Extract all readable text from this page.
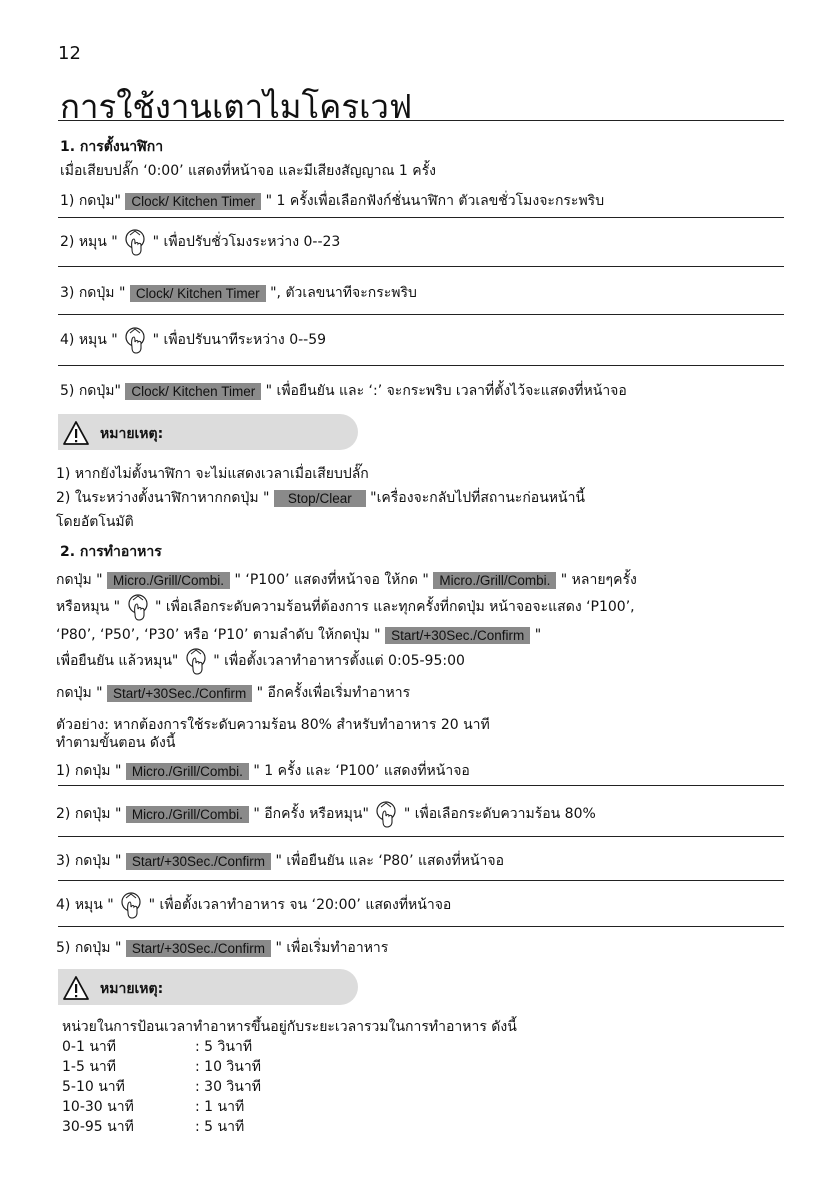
12
การใช้งานเตาไมโครเวฟ
1. การตั้งนาฬิกา
เมื่อเสียบปลั๊ก ‘0:00’ แสดงที่หน้าจอ และมีเสียงสัญญาณ 1 ครั้ง
1) กดปุ่ม" Clock/ Kitchen Timer " 1 ครั้งเพื่อเลือกฟังก์ชั่นนาฬิกา ตัวเลขชั่วโมงจะกระพริบ
2) หมุน " " เพื่อปรับชั่วโมงระหว่าง 0--23
3) กดปุ่ม " Clock/ Kitchen Timer ", ตัวเลขนาทีจะกระพริบ
4) หมุน " " เพื่อปรับนาทีระหว่าง 0--59
5) กดปุ่ม" Clock/ Kitchen Timer " เพื่อยืนยัน และ ‘:’ จะกระพริบ เวลาที่ตั้งไว้จะแสดงที่หน้าจอ
หมายเหตุ:
1) หากยังไม่ตั้งนาฬิกา จะไม่แสดงเวลาเมื่อเสียบปลั๊ก
2) ในระหว่างตั้งนาฬิกาหากกดปุ่ม " Stop/Clear "เครื่องจะกลับไปที่สถานะก่อนหน้านี้
โดยอัตโนมัติ
2. การทำอาหาร
กดปุ่ม " Micro./Grill/Combi. " ‘P100’ แสดงที่หน้าจอ ให้กด " Micro./Grill/Combi. " หลายๆครั้ง
หรือหมุน " " เพื่อเลือกระดับความร้อนที่ต้องการ และทุกครั้งที่กดปุ่ม หน้าจอจะแสดง ‘P100’,
‘P80’, ‘P50’, ‘P30’ หรือ ‘P10’ ตามลำดับ ให้กดปุ่ม " Start/+30Sec./Confirm "
เพื่อยืนยัน แล้วหมุน" " เพื่อตั้งเวลาทำอาหารตั้งแต่ 0:05-95:00
กดปุ่ม " Start/+30Sec./Confirm " อีกครั้งเพื่อเริ่มทำอาหาร
ตัวอย่าง: หากต้องการใช้ระดับความร้อน 80% สำหรับทำอาหาร 20 นาที
ทำตามขั้นตอน ดังนี้
1) กดปุ่ม " Micro./Grill/Combi. " 1 ครั้ง และ ‘P100’ แสดงที่หน้าจอ
2) กดปุ่ม " Micro./Grill/Combi. " อีกครั้ง หรือหมุน" " เพื่อเลือกระดับความร้อน 80%
3) กดปุ่ม " Start/+30Sec./Confirm " เพื่อยืนยัน และ ‘P80’ แสดงที่หน้าจอ
4) หมุน " " เพื่อตั้งเวลาทำอาหาร จน ‘20:00’ แสดงที่หน้าจอ
5) กดปุ่ม " Start/+30Sec./Confirm " เพื่อเริ่มทำอาหาร
หมายเหตุ:
หน่วยในการป้อนเวลาทำอาหารขึ้นอยู่กับระยะเวลารวมในการทำอาหาร ดังนี้
0-1 นาที	: 5 วินาที
1-5 นาที	: 10 วินาที
5-10 นาที	: 30 วินาที
10-30 นาที	: 1 นาที
30-95 นาที	: 5 นาที
